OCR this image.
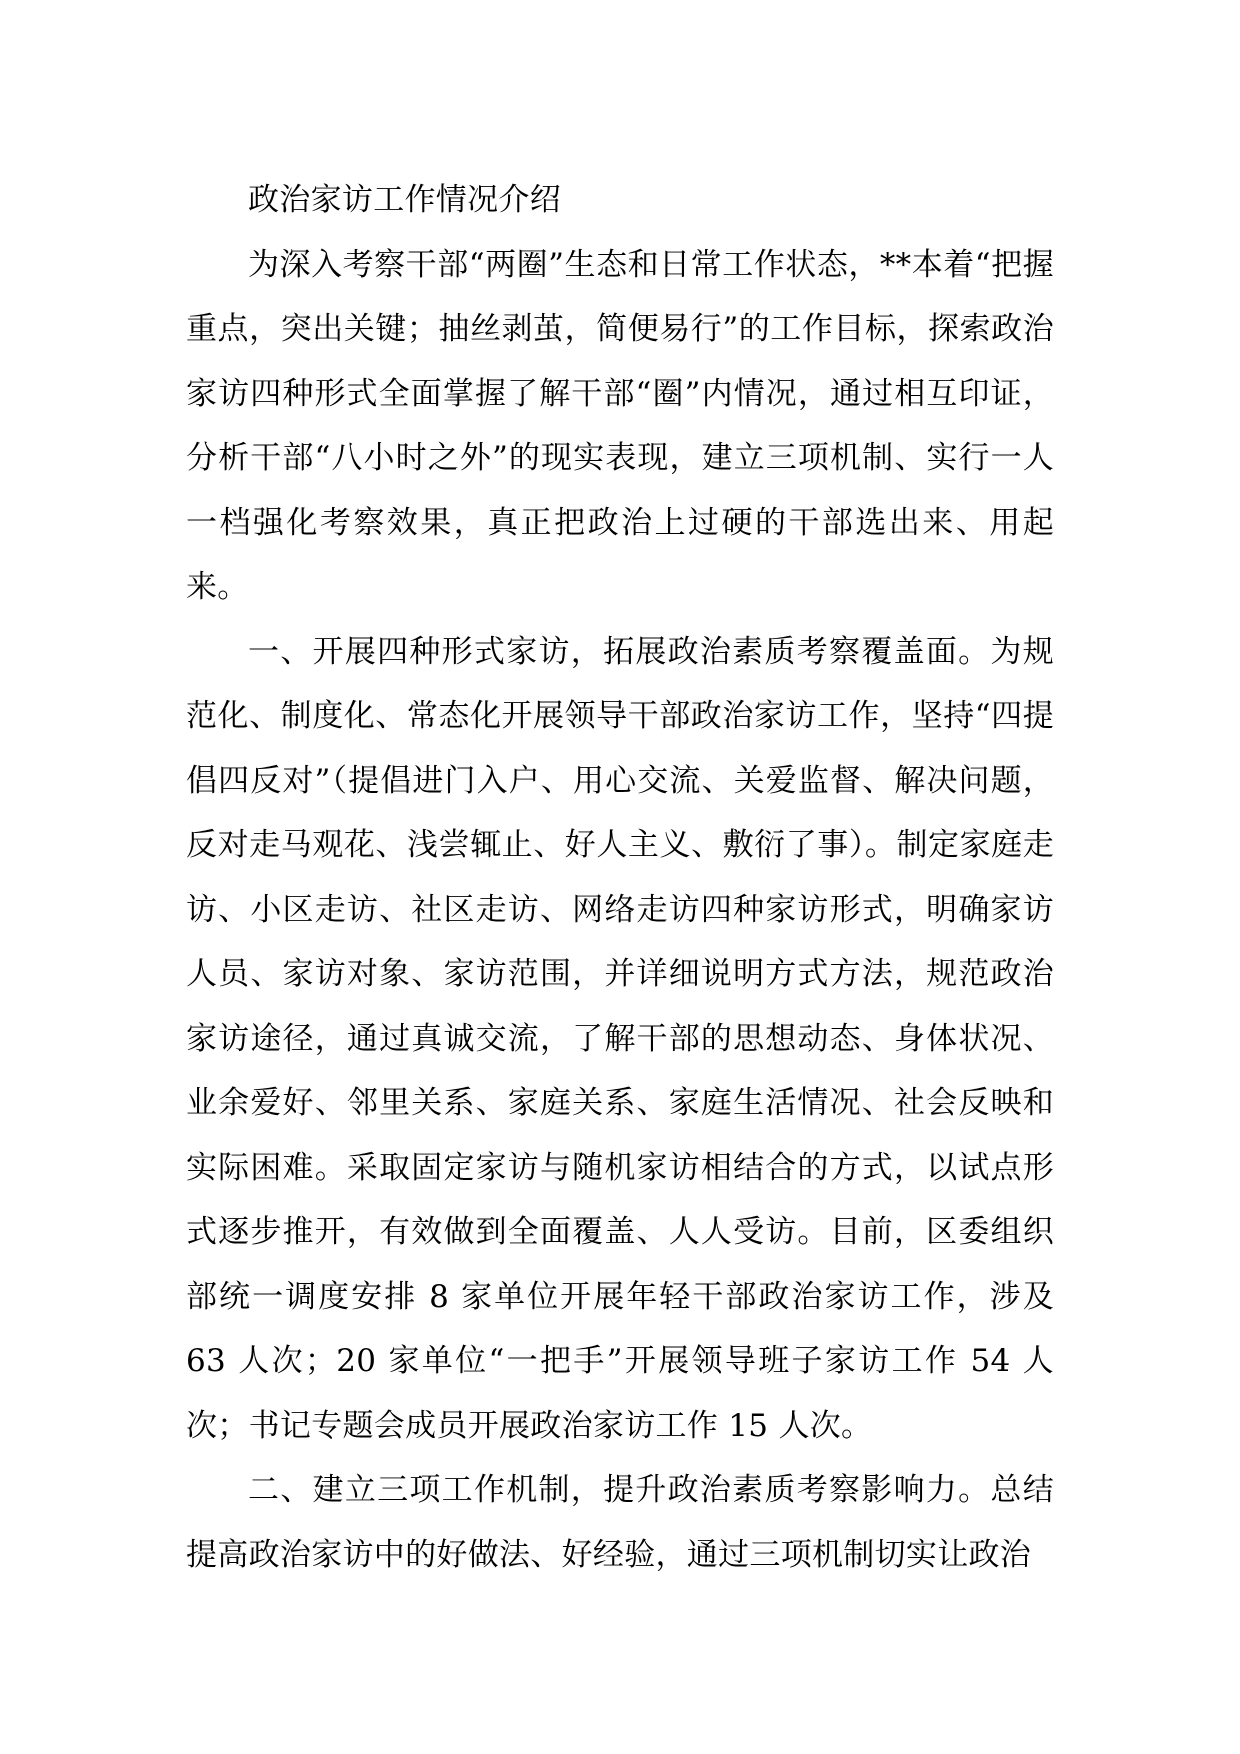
政治家访工作情况介绍

为深入考察干部“两圈”生态和日常工作状态，**本着“把握重点，突出关键；抽丝剥茧，简便易行”的工作目标，探索政治家访四种形式全面掌握了解干部“圈”内情况，通过相互印证，分析干部“八小时之外”的现实表现，建立三项机制、实行一人一档强化考察效果，真正把政治上过硬的干部选出来、用起来。

一、开展四种形式家访，拓展政治素质考察覆盖面。为规范化、制度化、常态化开展领导干部政治家访工作，坚持“四提倡四反对”（提倡进门入户、用心交流、关爱监督、解决问题，反对走马观花、浅尝辄止、好人主义、敷衍了事）。制定家庭走访、小区走访、社区走访、网络走访四种家访形式，明确家访人员、家访对象、家访范围，并详细说明方式方法，规范政治家访途径，通过真诚交流，了解干部的思想动态、身体状况、业余爱好、邻里关系、家庭关系、家庭生活情况、社会反映和实际困难。采取固定家访与随机家访相结合的方式，以试点形式逐步推开，有效做到全面覆盖、人人受访。目前，区委组织部统一调度安排 8 家单位开展年轻干部政治家访工作，涉及 63 人次；20 家单位“一把手”开展领导班子家访工作 54 人次；书记专题会成员开展政治家访工作 15 人次。

二、建立三项工作机制，提升政治素质考察影响力。总结提高政治家访中的好做法、好经验，通过三项机制切实让政治
